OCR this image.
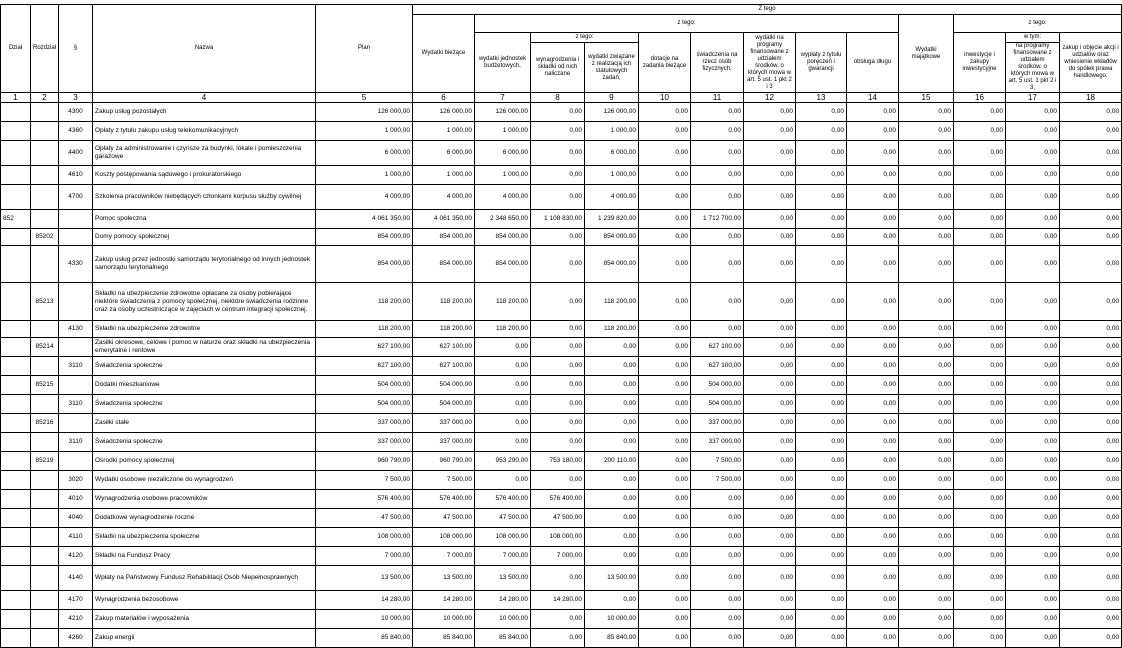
Dział	Rozdział	§	Nazwa	Plan	Z tego												
					Wydatki bieżące	z tego:								Wydatki majątkowe	z tego:		
						wydatki jednostek budżetowych,	z tego:		dotacje na zadania bieżące	świadczenia na rzecz osób fizycznych;	wydatki na programy finansowane z udziałem środków, o których mowa w art. 5 ust. 1 pkt 2 i 3	wypłaty z tytułu poręczeń i gwarancji	obsługa długu		inwestycje i zakupy inwestycyjne	w tym:	zakup i objęcie akcji i udziałów oraz wniesienie wkładów do spółek prawa handlowego.
							wynagrodzenia i składki od nich naliczane	wydatki związane z realizacją ich statutowych zadań;								na programy finansowane z udziałem środków, o których mowa w art. 5 ust. 1 pkt 2 i 3,	
1	2	3	4	5	6	7	8	9	10	11	12	13	14	15	16	17	18
		4300	Zakup usług pozostałych	126 000,00	126 000,00	126 000,00	0,00	126 000,00	0,00	0,00	0,00	0,00	0,00	0,00	0,00	0,00	0,00
		4360	Opłaty z tytułu zakupu usług telekomunikacyjnych	1 000,00	1 000,00	1 000,00	0,00	1 000,00	0,00	0,00	0,00	0,00	0,00	0,00	0,00	0,00	0,00
		4400	Opłaty za administrowanie i czynsze za budynki, lokale i pomieszczenia garażowe	6 000,00	6 000,00	6 000,00	0,00	6 000,00	0,00	0,00	0,00	0,00	0,00	0,00	0,00	0,00	0,00
		4610	Koszty postępowania sądowego i prokuratorskiego	1 000,00	1 000,00	1 000,00	0,00	1 000,00	0,00	0,00	0,00	0,00	0,00	0,00	0,00	0,00	0,00
		4700	Szkolenia pracowników niebędących członkami korpusu służby cywilnej	4 000,00	4 000,00	4 000,00	0,00	4 000,00	0,00	0,00	0,00	0,00	0,00	0,00	0,00	0,00	0,00
852			Pomoc społeczna	4 061 350,00	4 061 350,00	2 348 650,00	1 108 830,00	1 239 820,00	0,00	1 712 700,00	0,00	0,00	0,00	0,00	0,00	0,00	0,00
	85202		Domy pomocy społecznej	854 000,00	854 000,00	854 000,00	0,00	854 000,00	0,00	0,00	0,00	0,00	0,00	0,00	0,00	0,00	0,00
		4330	Zakup usług przez jednostki samorządu terytorialnego od innych jednostek samorządu terytorialnego	854 000,00	854 000,00	854 000,00	0,00	854 000,00	0,00	0,00	0,00	0,00	0,00	0,00	0,00	0,00	0,00
	85213		Składki na ubezpieczenie zdrowotne opłacane za osoby pobierające niektóre świadczenia z pomocy społecznej, niektóre świadczenia rodzinne oraz za osoby uczestniczące w zajęciach w centrum integracji społecznej.	118 200,00	118 200,00	118 200,00	0,00	118 200,00	0,00	0,00	0,00	0,00	0,00	0,00	0,00	0,00	0,00
		4130	Składki na ubezpieczenie zdrowotne	118 200,00	118 200,00	118 200,00	0,00	118 200,00	0,00	0,00	0,00	0,00	0,00	0,00	0,00	0,00	0,00
	85214		Zasiłki okresowe, celowe i pomoc w naturze oraz składki na ubezpieczenia emerytalne i rentowe	627 100,00	627 100,00	0,00	0,00	0,00	0,00	627 100,00	0,00	0,00	0,00	0,00	0,00	0,00	0,00
		3110	Świadczenia społeczne	627 100,00	627 100,00	0,00	0,00	0,00	0,00	627 100,00	0,00	0,00	0,00	0,00	0,00	0,00	0,00
	85215		Dodatki mieszkaniowe	504 000,00	504 000,00	0,00	0,00	0,00	0,00	504 000,00	0,00	0,00	0,00	0,00	0,00	0,00	0,00
		3110	Świadczenia społeczne	504 000,00	504 000,00	0,00	0,00	0,00	0,00	504 000,00	0,00	0,00	0,00	0,00	0,00	0,00	0,00
	85216		Zasiłki stałe	337 000,00	337 000,00	0,00	0,00	0,00	0,00	337 000,00	0,00	0,00	0,00	0,00	0,00	0,00	0,00
		3110	Świadczenia społeczne	337 000,00	337 000,00	0,00	0,00	0,00	0,00	337 000,00	0,00	0,00	0,00	0,00	0,00	0,00	0,00
	85219		Ośrodki pomocy społecznej	960 790,00	960 790,00	953 290,00	753 180,00	200 110,00	0,00	7 500,00	0,00	0,00	0,00	0,00	0,00	0,00	0,00
		3020	Wydatki osobowe niezaliczone do wynagrodzeń	7 500,00	7 500,00	0,00	0,00	0,00	0,00	7 500,00	0,00	0,00	0,00	0,00	0,00	0,00	0,00
		4010	Wynagrodzenia osobowe pracowników	576 400,00	576 400,00	576 400,00	576 400,00	0,00	0,00	0,00	0,00	0,00	0,00	0,00	0,00	0,00	0,00
		4040	Dodatkowe wynagrodzenie roczne	47 500,00	47 500,00	47 500,00	47 500,00	0,00	0,00	0,00	0,00	0,00	0,00	0,00	0,00	0,00	0,00
		4110	Składki na ubezpieczenia społeczne	108 000,00	108 000,00	108 000,00	108 000,00	0,00	0,00	0,00	0,00	0,00	0,00	0,00	0,00	0,00	0,00
		4120	Składki na Fundusz Pracy	7 000,00	7 000,00	7 000,00	7 000,00	0,00	0,00	0,00	0,00	0,00	0,00	0,00	0,00	0,00	0,00
		4140	Wpłaty na Państwowy Fundusz Rehabilitacji Osób Niepełnosprawnych	13 500,00	13 500,00	13 500,00	0,00	13 500,00	0,00	0,00	0,00	0,00	0,00	0,00	0,00	0,00	0,00
		4170	Wynagrodzenia bezosobowe	14 280,00	14 280,00	14 280,00	14 280,00	0,00	0,00	0,00	0,00	0,00	0,00	0,00	0,00	0,00	0,00
		4210	Zakup materiałów i wyposażenia	10 000,00	10 000,00	10 000,00	0,00	10 000,00	0,00	0,00	0,00	0,00	0,00	0,00	0,00	0,00	0,00
		4260	Zakup energii	85 840,00	85 840,00	85 840,00	0,00	85 840,00	0,00	0,00	0,00	0,00	0,00	0,00	0,00	0,00	0,00
